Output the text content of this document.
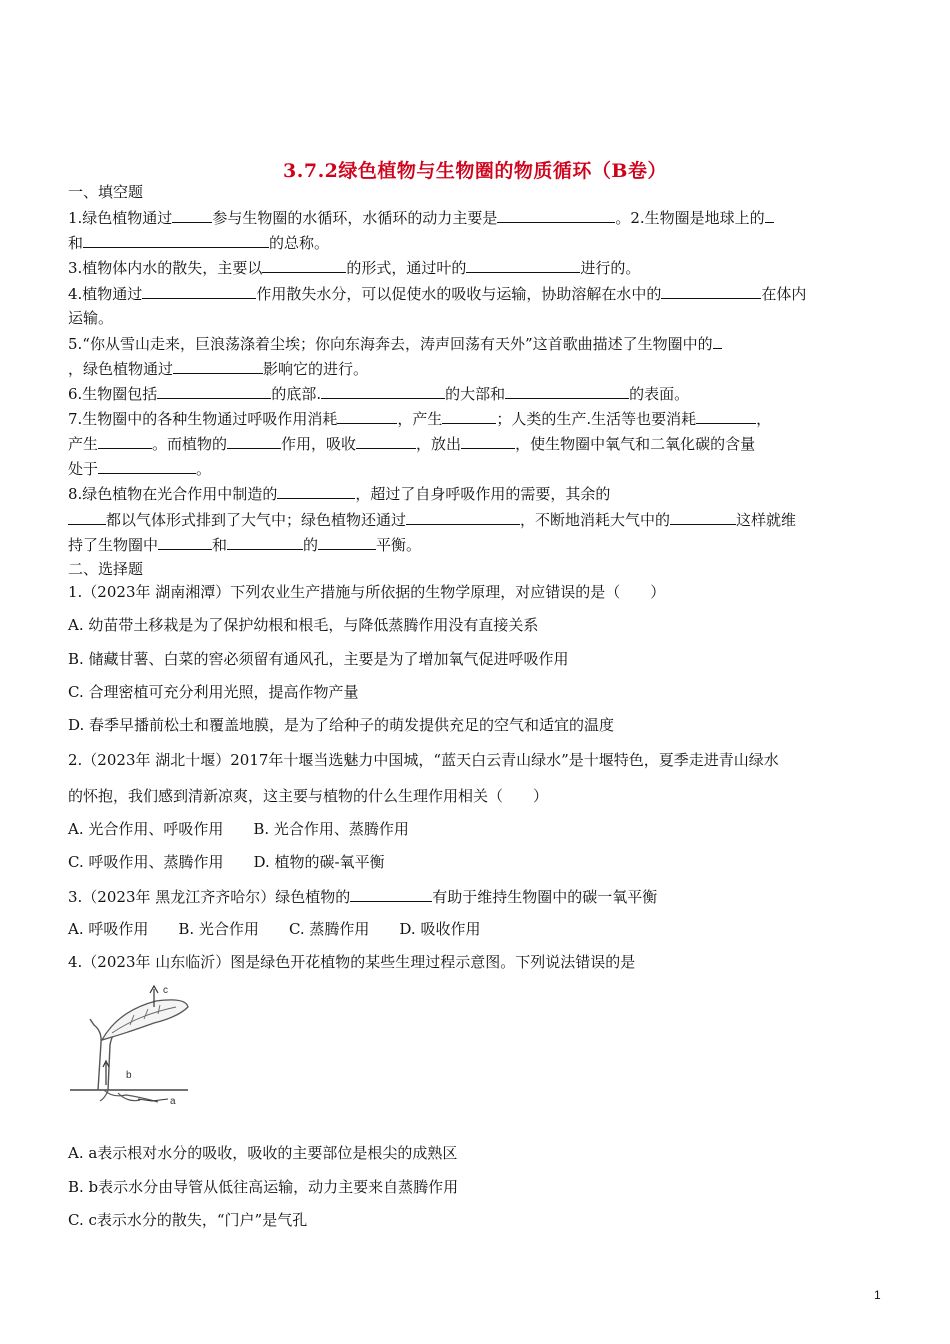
3.7.2绿色植物与生物圈的物质循环（B卷）
一、填空题
1.绿色植物通过	参与生物圈的水循环，水循环的动力主要是	。2.生物圈是地球上的
和	的总称。
3.植物体内水的散失，主要以	的形式，通过叶的	进行的。
4.植物通过	作用散失水分，可以促使水的吸收与运输，协助溶解在水中的	在体内
运输。
5.“你从雪山走来，巨浪荡涤着尘埃；你向东海奔去，涛声回荡有天外”这首歌曲描述了生物圈中的
，绿色植物通过	影响它的进行。
6.生物圈包括	的底部.	的大部和	的表面。
7.生物圈中的各种生物通过呼吸作用消耗	，产生	；人类的生产.生活等也要消耗	，
产生	。而植物的	作用，吸收	，放出	，使生物圈中氧气和二氧化碳的含量
处于	。
8.绿色植物在光合作用中制造的	，超过了自身呼吸作用的需要，其余的
都以气体形式排到了大气中；绿色植物还通过	，不断地消耗大气中的	这样就维
持了生物圈中	和	的	平衡。
二、选择题
1.（2023年 湖南湘潭）下列农业生产措施与所依据的生物学原理，对应错误的是（　　）
A. 幼苗带土移栽是为了保护幼根和根毛，与降低蒸腾作用没有直接关系
B. 储藏甘薯、白菜的窖必须留有通风孔，主要是为了增加氧气促进呼吸作用
C. 合理密植可充分利用光照，提高作物产量
D. 春季早播前松土和覆盖地膜，是为了给种子的萌发提供充足的空气和适宜的温度
2.（2023年 湖北十堰）2017年十堰当选魅力中国城，“蓝天白云青山绿水”是十堰特色，夏季走进青山绿水
的怀抱，我们感到清新凉爽，这主要与植物的什么生理作用相关（　　）
A. 光合作用、呼吸作用 B. 光合作用、蒸腾作用
C. 呼吸作用、蒸腾作用 D. 植物的碳-氧平衡
3.（2023年 黑龙江齐齐哈尔）绿色植物的	有助于维持生物圈中的碳一氧平衡
A. 呼吸作用 B. 光合作用 C. 蒸腾作用 D. 吸收作用
4.（2023年 山东临沂）图是绿色开花植物的某些生理过程示意图。下列说法错误的是
c
b
a
A. a表示根对水分的吸收，吸收的主要部位是根尖的成熟区
B. b表示水分由导管从低往高运输，动力主要来自蒸腾作用
C. c表示水分的散失，“门户”是气孔
1
